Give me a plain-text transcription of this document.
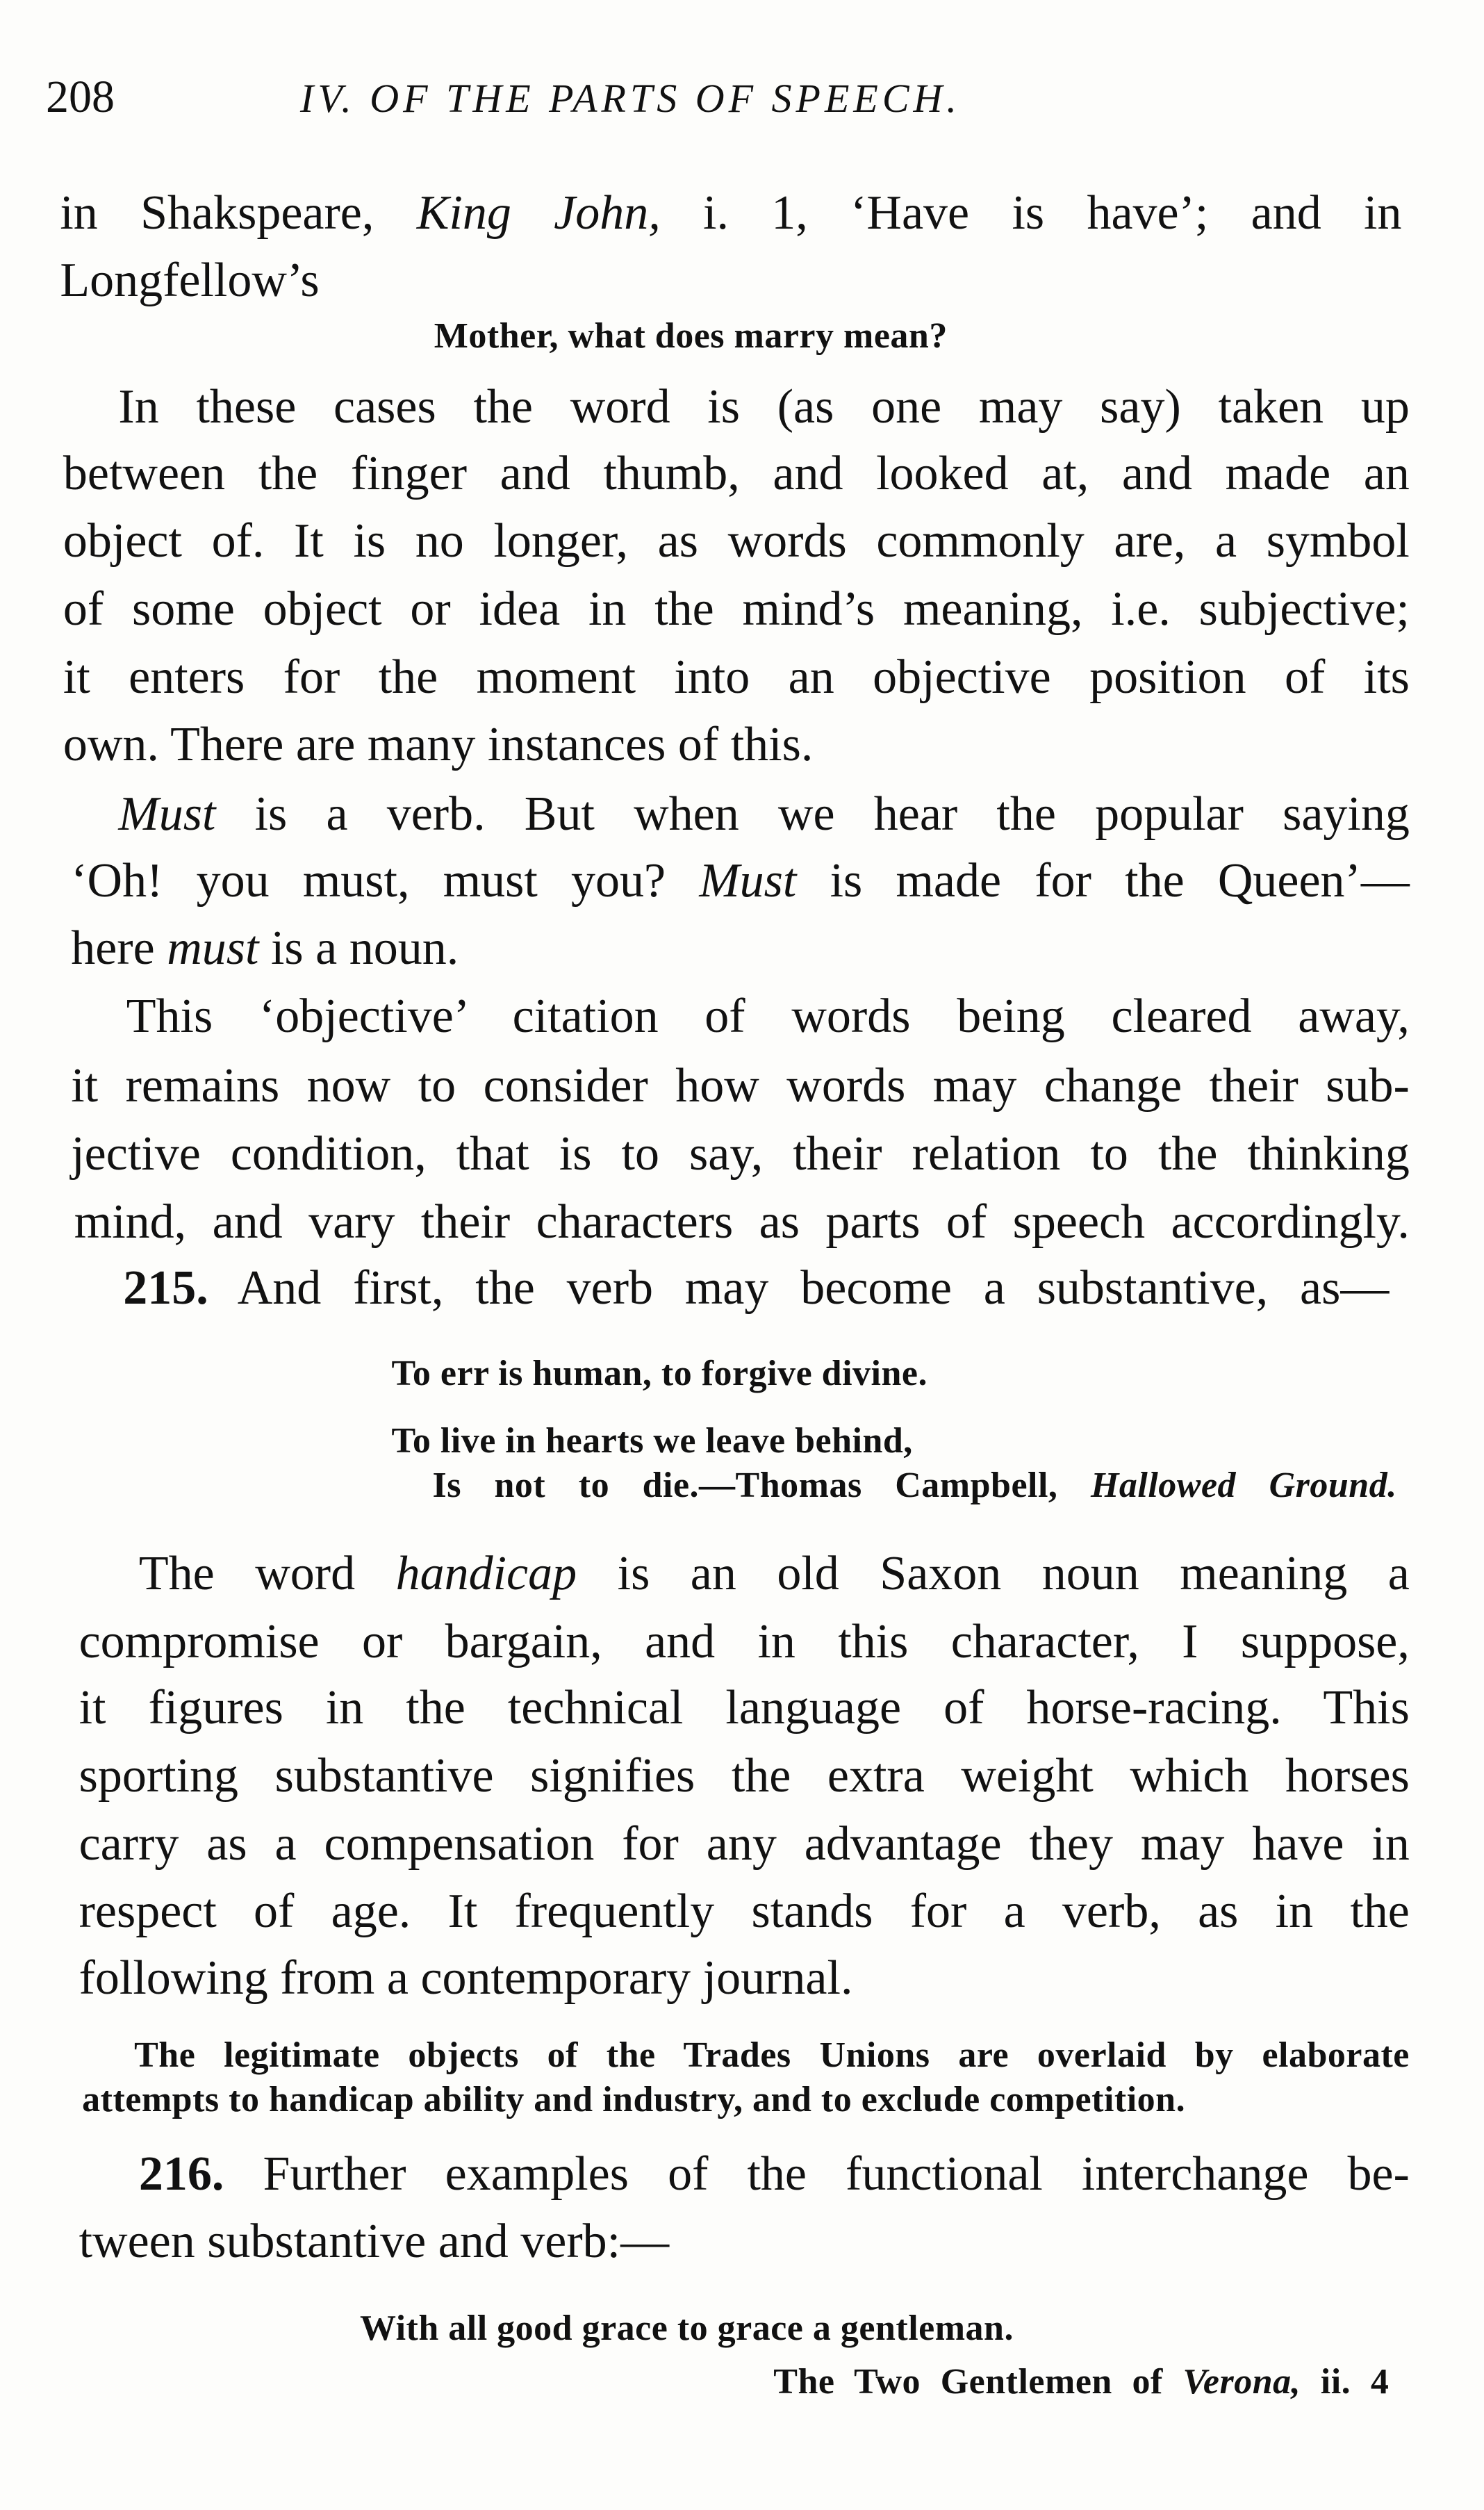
208	IV. OF THE PARTS OF SPEECH.
in Shakspeare, King John, i. 1, ‘Have is have’; and in
Longfellow’s
Mother, what does marry mean?
In these cases the word is (as one may say) taken up
between the finger and thumb, and looked at, and made an
object of. It is no longer, as words commonly are, a symbol
of some object or idea in the mind’s meaning, i.e. subjective;
it enters for the moment into an objective position of its
own. There are many instances of this.
Must is a verb. But when we hear the popular saying
‘Oh! you must, must you? Must is made for the Queen’—
here must is a noun.
This ‘objective’ citation of words being cleared away,
it remains now to consider how words may change their sub-
jective condition, that is to say, their relation to the thinking
mind, and vary their characters as parts of speech accordingly.
215. And first, the verb may become a substantive, as—
To err is human, to forgive divine.
To live in hearts we leave behind,
Is not to die.—Thomas Campbell, Hallowed Ground.
The word handicap is an old Saxon noun meaning a
compromise or bargain, and in this character, I suppose,
it figures in the technical language of horse-racing. This
sporting substantive signifies the extra weight which horses
carry as a compensation for any advantage they may have in
respect of age. It frequently stands for a verb, as in the
following from a contemporary journal.
The legitimate objects of the Trades Unions are overlaid by elaborate
attempts to handicap ability and industry, and to exclude competition.
216. Further examples of the functional interchange be-
tween substantive and verb:—
With all good grace to grace a gentleman.
The Two Gentlemen of Verona, ii. 4
